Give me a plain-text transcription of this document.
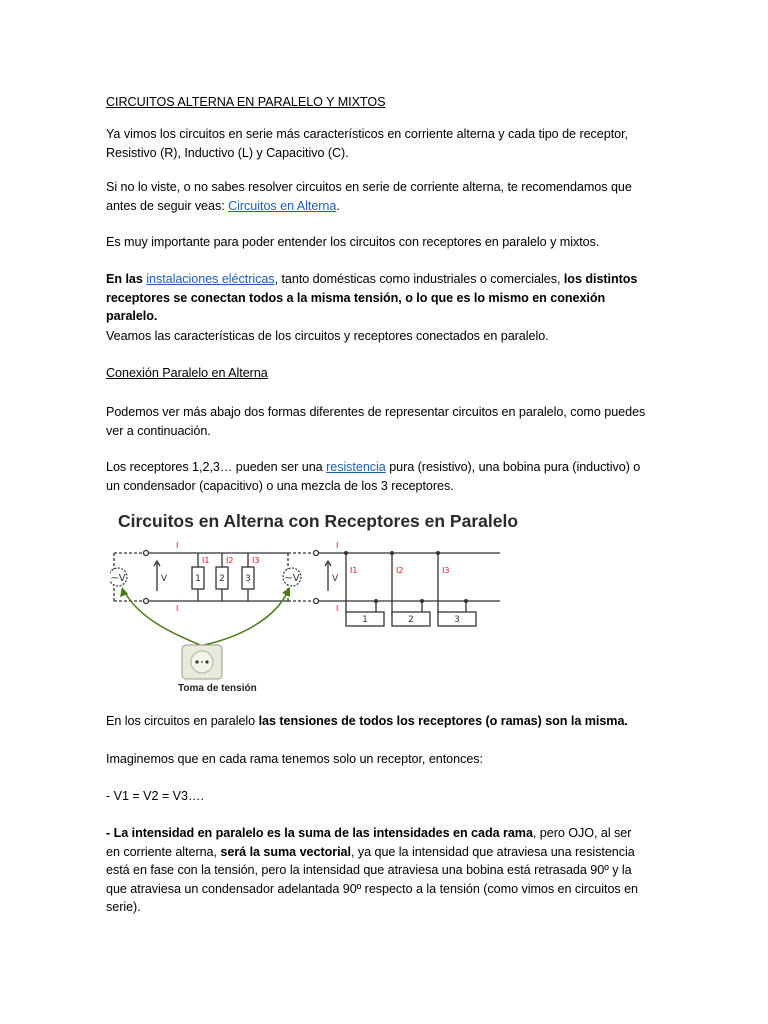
CIRCUITOS ALTERNA EN PARALELO Y MIXTOS
Ya vimos los circuitos en serie más característicos en corriente alterna y cada tipo de receptor, Resistivo (R), Inductivo (L) y Capacitivo (C).
Si no lo viste, o no sabes resolver circuitos en serie de corriente alterna, te recomendamos que antes de seguir veas: Circuitos en Alterna.
Es muy importante para poder entender los circuitos con receptores en paralelo y mixtos.
En las instalaciones eléctricas, tanto domésticas como industriales o comerciales, los distintos receptores se conectan todos a la misma tensión, o lo que es lo mismo en conexión paralelo.
Veamos las características de los circuitos y receptores conectados en paralelo.
Conexión Paralelo en Alterna
Podemos ver más abajo dos formas diferentes de representar circuitos en paralelo, como puedes ver a continuación.
Los receptores 1,2,3… pueden ser una resistencia pura (resistivo), una bobina pura (inductivo) o un condensador (capacitivo) o una mezcla de los 3 receptores.
Circuitos en Alterna con Receptores en Paralelo
~V	~V
I
I
I1 I2 I3
I
I
I1	I2	I3
V	V
1 2 3
1	2	3
Toma de tensión
En los circuitos en paralelo las tensiones de todos los receptores (o ramas) son la misma.
Imaginemos que en cada rama tenemos solo un receptor, entonces:
- V1 = V2 = V3….
- La intensidad en paralelo es la suma de las intensidades en cada rama, pero OJO, al ser en corriente alterna, será la suma vectorial, ya que la intensidad que atraviesa una resistencia está en fase con la tensión, pero la intensidad que atraviesa una bobina está retrasada 90º y la que atraviesa un condensador adelantada 90º respecto a la tensión (como vimos en circuitos en serie).
